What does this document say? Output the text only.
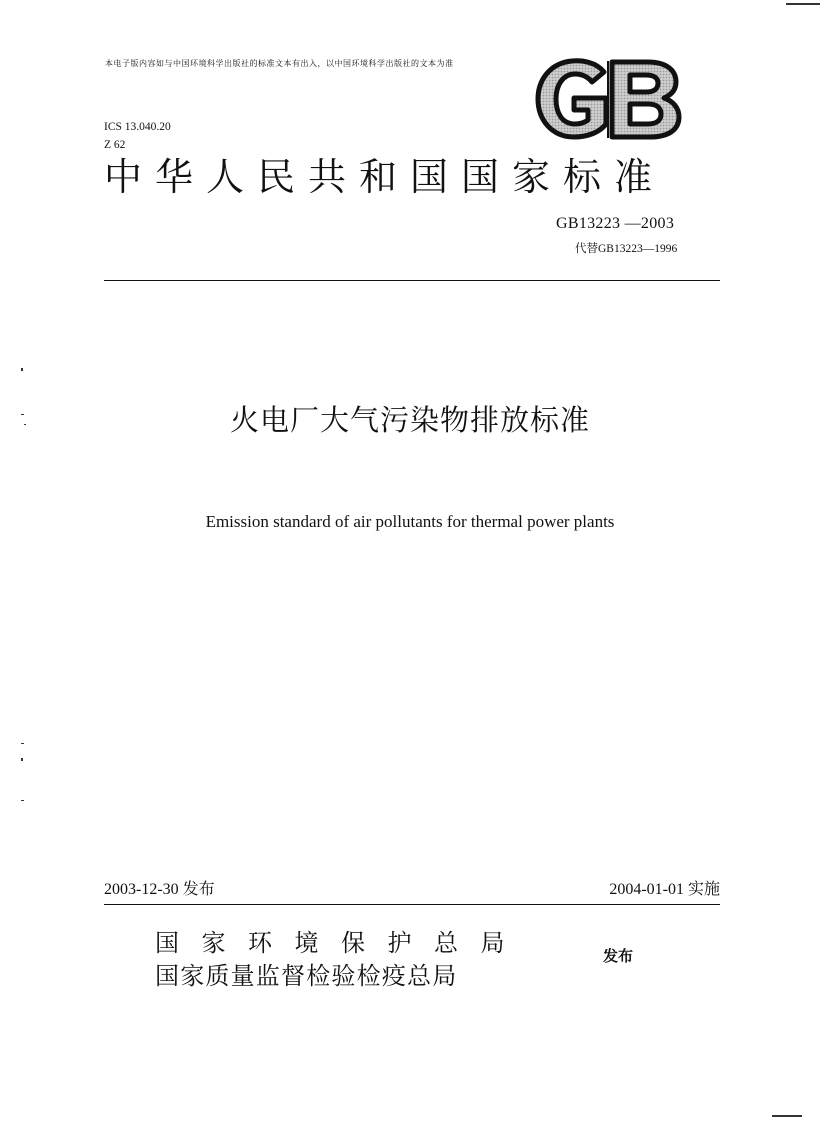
本电子版内容如与中国环境科学出版社的标准文本有出入，以中国环境科学出版社的文本为准
ICS 13.040.20
Z 62
中华人民共和国国家标准
GB13223 —2003
代替GB13223—1996
火电厂大气污染物排放标准
Emission standard of air pollutants for thermal power plants
2003-12-30 发布	2004-01-01 实施
国家环境保护总局
国家质量监督检验检疫总局
发布
